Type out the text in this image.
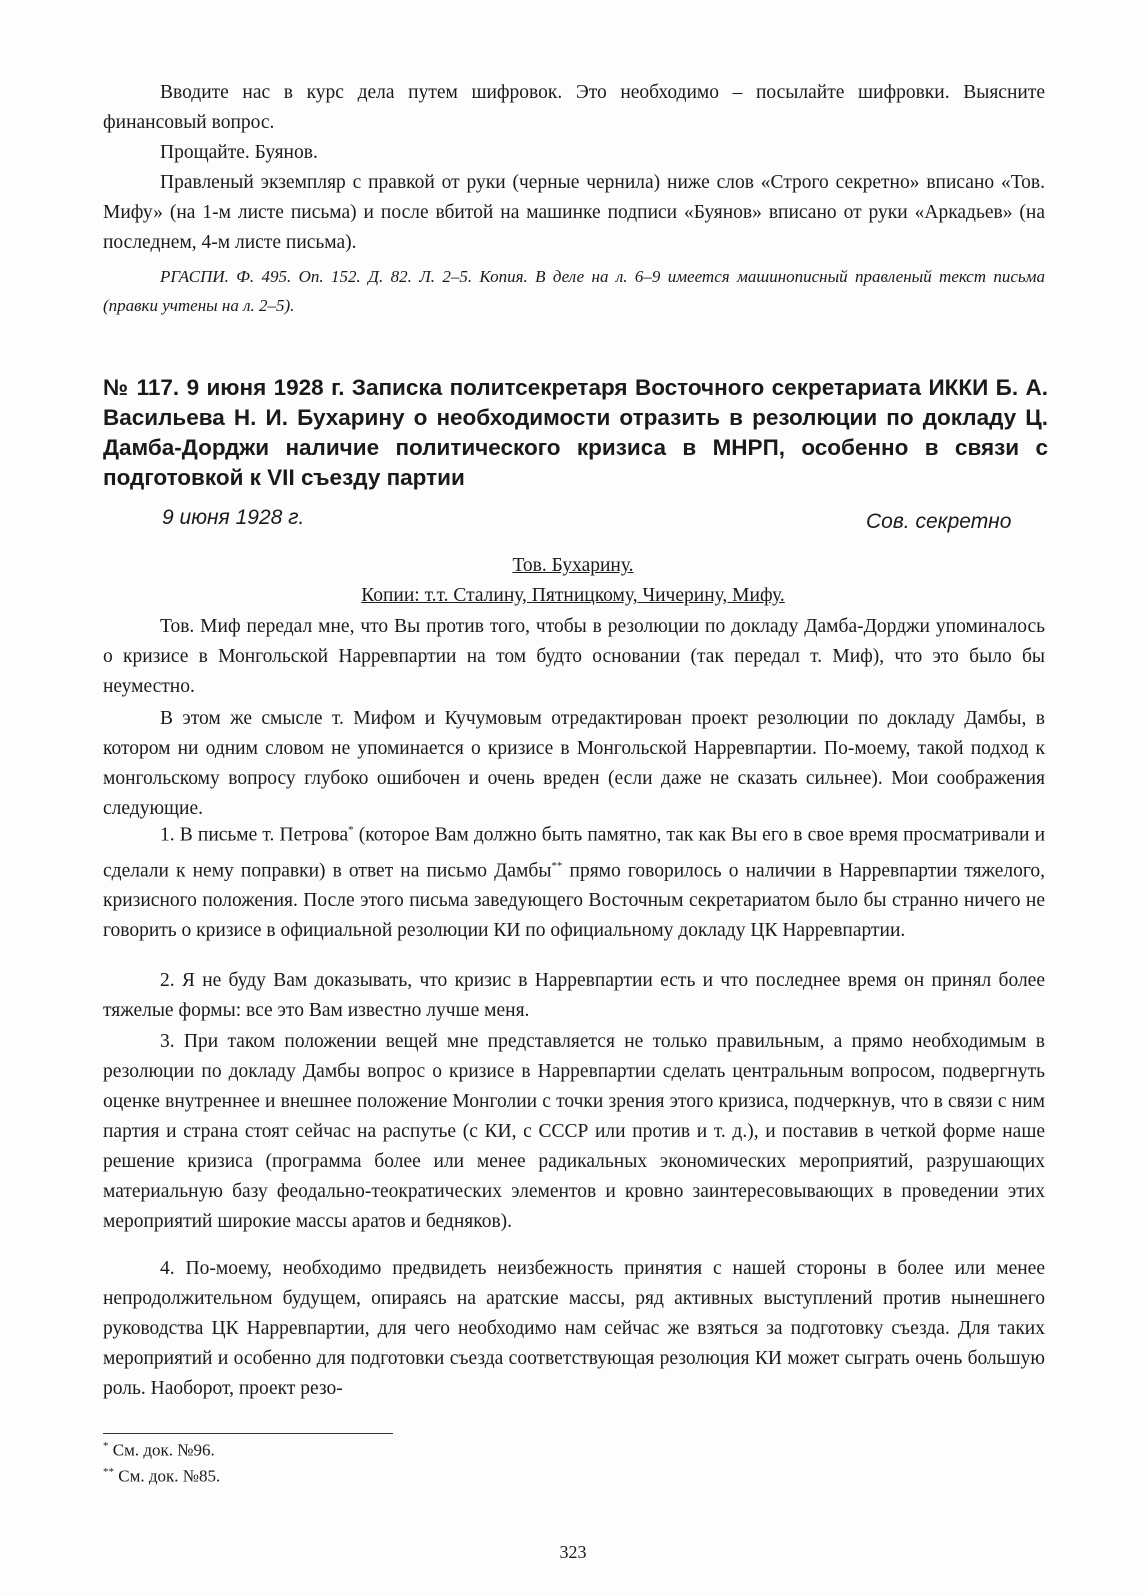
Вводите нас в курс дела путем шифровок. Это необходимо – посылайте шифровки. Выясните финансовый вопрос.

Прощайте. Буянов.

Правленый экземпляр с правкой от руки (черные чернила) ниже слов «Строго секретно» вписано «Тов. Мифу» (на 1-м листе письма) и после вбитой на машинке подписи «Буянов» вписано от руки «Аркадьев» (на последнем, 4-м листе письма).

РГАСПИ. Ф. 495. Оп. 152. Д. 82. Л. 2–5. Копия. В деле на л. 6–9 имеется машинописный правленый текст письма (правки учтены на л. 2–5).

№ 117. 9 июня 1928 г. Записка политсекретаря Восточного секретариата ИККИ Б. А. Васильева Н. И. Бухарину о необходимости отразить в резолюции по докладу Ц. Дамба-Дорджи наличие политического кризиса в МНРП, особенно в связи с подготовкой к VII съезду партии
9 июня 1928 г.	Сов. секретно
Тов. Бухарину.
Копии: т.т. Сталину, Пятницкому, Чичерину, Мифу.

Тов. Миф передал мне, что Вы против того, чтобы в резолюции по докладу Дамба-Дорджи упоминалось о кризисе в Монгольской Нарревпартии на том будто основании (так передал т. Миф), что это было бы неуместно.

В этом же смысле т. Мифом и Кучумовым отредактирован проект резолюции по докладу Дамбы, в котором ни одним словом не упоминается о кризисе в Монгольской Нарревпартии. По-моему, такой подход к монгольскому вопросу глубоко ошибочен и очень вреден (если даже не сказать сильнее). Мои соображения следующие.

1. В письме т. Петрова* (которое Вам должно быть памятно, так как Вы его в свое время просматривали и сделали к нему поправки) в ответ на письмо Дамбы** прямо говорилось о наличии в Нарревпартии тяжелого, кризисного положения. После этого письма заведующего Восточным секретариатом было бы странно ничего не говорить о кризисе в официальной резолюции КИ по официальному докладу ЦК Нарревпартии.

2. Я не буду Вам доказывать, что кризис в Нарревпартии есть и что последнее время он принял более тяжелые формы: все это Вам известно лучше меня.

3. При таком положении вещей мне представляется не только правильным, а прямо необходимым в резолюции по докладу Дамбы вопрос о кризисе в Нарревпартии сделать центральным вопросом, подвергнуть оценке внутреннее и внешнее положение Монголии с точки зрения этого кризиса, подчеркнув, что в связи с ним партия и страна стоят сейчас на распутье (с КИ, с СССР или против и т. д.), и поставив в четкой форме наше решение кризиса (программа более или менее радикальных экономических мероприятий, разрушающих материальную базу феодально-теократических элементов и кровно заинтересовывающих в проведении этих мероприятий широкие массы аратов и бедняков).

4. По-моему, необходимо предвидеть неизбежность принятия с нашей стороны в более или менее непродолжительном будущем, опираясь на аратские массы, ряд активных выступлений против нынешнего руководства ЦК Нарревпартии, для чего необходимо нам сейчас же взяться за подготовку съезда. Для таких мероприятий и особенно для подготовки съезда соответствующая резолюция КИ может сыграть очень большую роль. Наоборот, проект резо-

* См. док. №96.
** См. док. №85.
323
